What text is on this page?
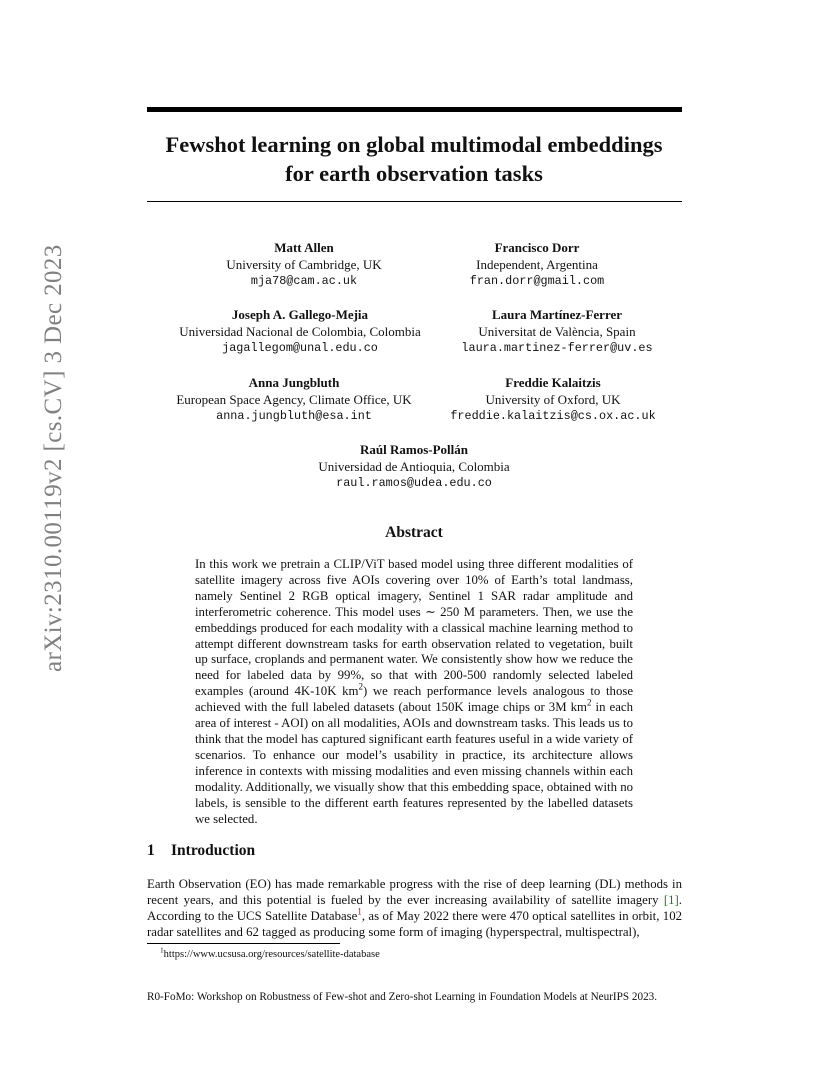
arXiv:2310.00119v2 [cs.CV] 3 Dec 2023
Fewshot learning on global multimodal embeddings
for earth observation tasks
Matt Allen
University of Cambridge, UK
mja78@cam.ac.uk
Francisco Dorr
Independent, Argentina
fran.dorr@gmail.com
Joseph A. Gallego-Mejia
Universidad Nacional de Colombia, Colombia
jagallegom@unal.edu.co
Laura Martínez-Ferrer
Universitat de València, Spain
laura.martinez-ferrer@uv.es
Anna Jungbluth
European Space Agency, Climate Office, UK
anna.jungbluth@esa.int
Freddie Kalaitzis
University of Oxford, UK
freddie.kalaitzis@cs.ox.ac.uk
Raúl Ramos-Pollán
Universidad de Antioquia, Colombia
raul.ramos@udea.edu.co
Abstract

In this work we pretrain a CLIP/ViT based model using three different modalities of satellite imagery across five AOIs covering over 10% of Earth’s total landmass, namely Sentinel 2 RGB optical imagery, Sentinel 1 SAR radar amplitude and interferometric coherence. This model uses ∼ 250 M parameters. Then, we use the embeddings produced for each modality with a classical machine learning method to attempt different downstream tasks for earth observation related to vegetation, built up surface, croplands and permanent water. We consistently show how we reduce the need for labeled data by 99%, so that with 200-500 randomly selected labeled examples (around 4K-10K $km^2$) we reach performance levels analogous to those achieved with the full labeled datasets (about 150K image chips or 3M $km^2$ in each area of interest - AOI) on all modalities, AOIs and downstream tasks. This leads us to think that the model has captured significant earth features useful in a wide variety of scenarios. To enhance our model’s usability in practice, its architecture allows inference in contexts with missing modalities and even missing channels within each modality. Additionally, we visually show that this embedding space, obtained with no labels, is sensible to the different earth features represented by the labelled datasets we selected.

1 Introduction

Earth Observation (EO) has made remarkable progress with the rise of deep learning (DL) methods in recent years, and this potential is fueled by the ever increasing availability of satellite imagery [1]. According to the UCS Satellite Database$^1$, as of May 2022 there were 470 optical satellites in orbit, 102 radar satellites and 62 tagged as producing some form of imaging (hyperspectral, multispectral),

$^1$https://www.ucsusa.org/resources/satellite-database

R0-FoMo: Workshop on Robustness of Few-shot and Zero-shot Learning in Foundation Models at NeurIPS 2023.
